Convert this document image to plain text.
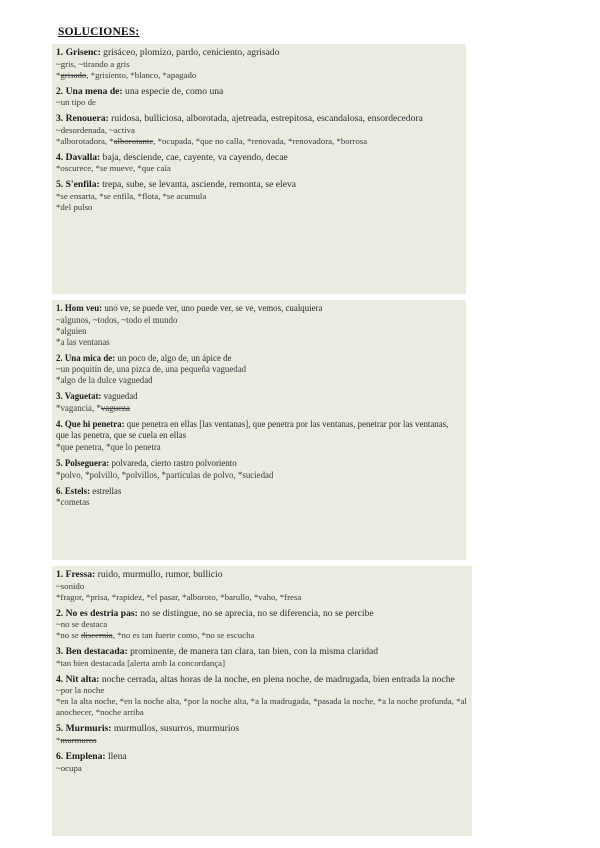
SOLUCIONES:
1. Grisenc: grisáceo, plomizo, pardo, ceniciento, agrisado
~gris, ~tirando a gris
*grisado, *grisiento, *blanco, *apagado
2. Una mena de: una especie de, como una
~un tipo de
3. Renouera: ruidosa, bulliciosa, alborotada, ajetreada, estrepitosa, escandalosa, ensordecedora
~desordenada, ~activa
*alborotadora, *alborotante, *ocupada, *que no calla, *renovada, *renovadora, *borrosa
4. Davalla: baja, desciende, cae, cayente, va cayendo, decae
*oscurece, *se mueve, *que caía
5. S'enfila: trepa, sube, se levanta, asciende, remonta, se eleva
*se ensarta, *se enfila, *flota, *se acumula
*del pulso
1. Hom veu: uno ve, se puede ver, uno puede ver, se ve, vemos, cualquiera
~algunos, ~todos, ~todo el mundo
*alguien
*a las ventanas
2. Una mica de: un poco de, algo de, un ápice de
~un poquitín de, una pizca de, una pequeña vaguedad
*algo de la dulce vaguedad
3. Vaguetat: vaguedad
*vagancia, *vagueza
4. Que hi penetra: que penetra en ellas [las ventanas], que penetra por las ventanas, penetrar por las ventanas, que las penetra, que se cuela en ellas
*que penetra, *que lo penetra
5. Polseguera: polvareda, cierto rastro polvoriento
*polvo, *polvillo, *polvillos, *partículas de polvo, *suciedad
6. Estels: estrellas
*cometas
1. Fressa: ruido, murmullo, rumor, bullicio
~sonido
*fragor, *prisa, *rapidez, *el pasar, *alboroto, *barullo, *vaho, *fresa
2. No es destria pas: no se distingue, no se aprecia, no se diferencia, no se percibe
~no se destaca
*no se discernia, *no es tan fuerte como, *no se escucha
3. Ben destacada: prominente, de manera tan clara, tan bien, con la misma claridad
*tan bien destacada [alerta amb la concordança]
4. Nit alta: noche cerrada, altas horas de la noche, en plena noche, de madrugada, bien entrada la noche
~por la noche
*en la alta noche, *en la noche alta, *por la noche alta, *a la madrugada, *pasada la noche, *a la noche profunda, *al anochecer, *noche arriba
5. Murmuris: murmullos, susurros, murmurios
*murmuros
6. Emplena: llena
~ocupa
